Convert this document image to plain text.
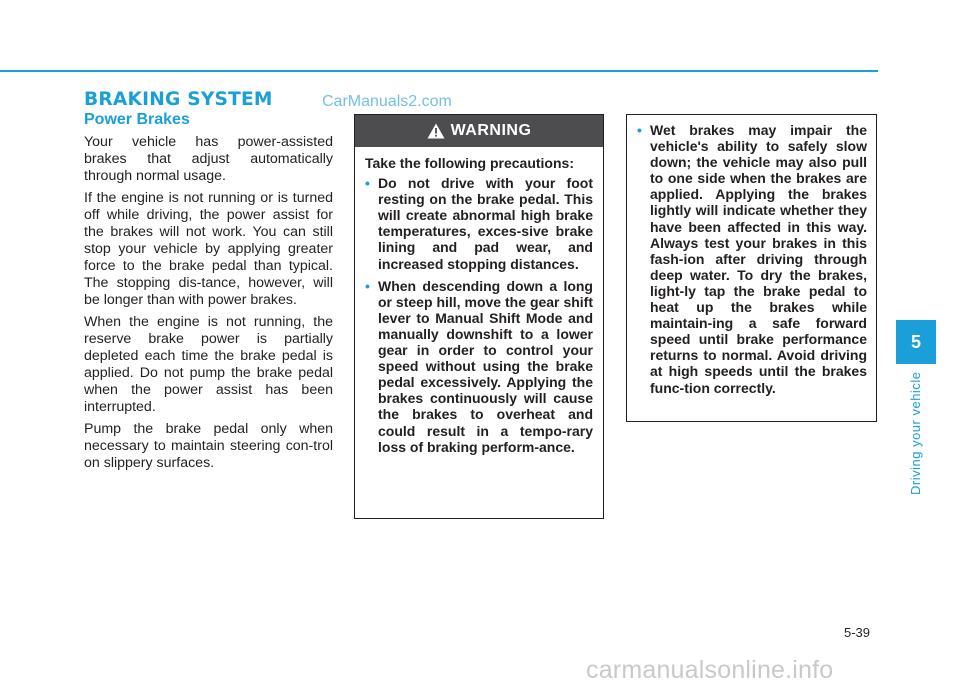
BRAKING SYSTEM	CarManuals2.com
Power Brakes

Your vehicle has power-assisted brakes that adjust automatically through normal usage.

If the engine is not running or is turned off while driving, the power assist for the brakes will not work. You can still stop your vehicle by applying greater force to the brake pedal than typical. The stopping dis-tance, however, will be longer than with power brakes.

When the engine is not running, the reserve brake power is partially depleted each time the brake pedal is applied. Do not pump the brake pedal when the power assist has been interrupted.

Pump the brake pedal only when necessary to maintain steering con-trol on slippery surfaces.

WARNING

Take the following precautions:

• Do not drive with your foot resting on the brake pedal. This will create abnormal high brake temperatures, exces-sive brake lining and pad wear, and increased stopping distances.
• When descending down a long or steep hill, move the gear shift lever to Manual Shift Mode and manually downshift to a lower gear in order to control your speed without using the brake pedal excessively. Applying the brakes continuously will cause the brakes to overheat and could result in a tempo-rary loss of braking perform-ance.
• Wet brakes may impair the vehicle's ability to safely slow down; the vehicle may also pull to one side when the brakes are applied. Applying the brakes lightly will indicate whether they have been affected in this way. Always test your brakes in this fash-ion after driving through deep water. To dry the brakes, light-ly tap the brake pedal to heat up the brakes while maintain-ing a safe forward speed until brake performance returns to normal. Avoid driving at high speeds until the brakes func-tion correctly.
5
Driving your vehicle
5-39
carmanualsonline.info
